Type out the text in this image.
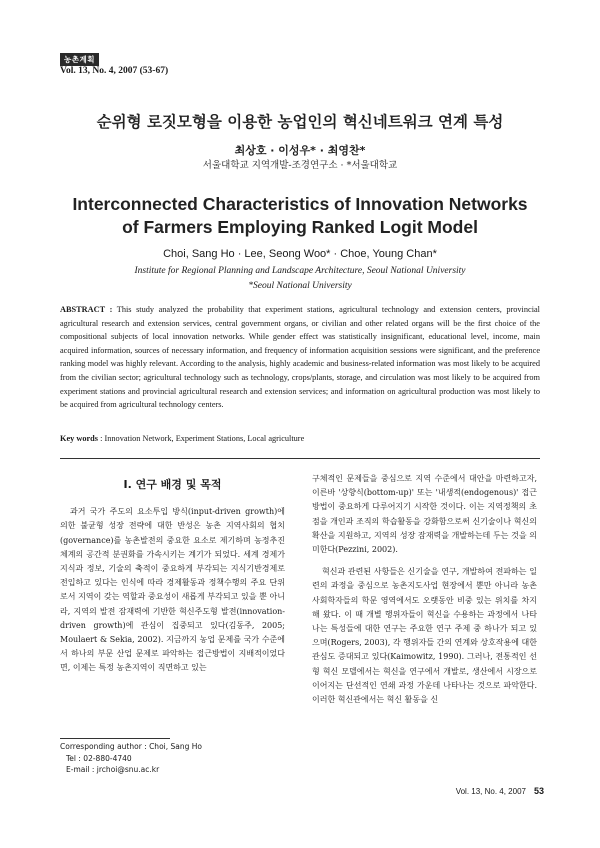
농촌계획
Vol. 13, No. 4, 2007 (53-67)
순위형 로짓모형을 이용한 농업인의 혁신네트워크 연계 특성
최상호 · 이성우* · 최영찬*
서울대학교 지역개발-조경연구소 · *서울대학교
Interconnected Characteristics of Innovation Networks
of Farmers Employing Ranked Logit Model
Choi, Sang Ho · Lee, Seong Woo* · Choe, Young Chan*
Institute for Regional Planning and Landscape Architecture, Seoul National University
*Seoul National University
ABSTRACT : This study analyzed the probability that experiment stations, agricultural technology and extension centers, provincial agricultural research and extension services, central government organs, or civilian and other related organs will be the first choice of the compositional subjects of local innovation networks. While gender effect was statistically insignificant, educational level, income, main acquired information, sources of necessary information, and frequency of information acquisition sessions were significant, and the preference ranking model was highly relevant. According to the analysis, highly academic and business-related information was most likely to be acquired from the civilian sector; agricultural technology such as technology, crops/plants, storage, and circulation was most likely to be acquired from experiment stations and provincial agricultural research and extension services; and information on agricultural production was most likely to be acquired from agricultural technology centers.
Key words : Innovation Network, Experiment Stations, Local agriculture
I. 연구 배경 및 목적

과거 국가 주도의 요소투입 방식(input-driven growth)에 의한 불균형 성장 전략에 대한 반성은 농촌 지역사회의 협치(governance)를 농촌발전의 중요한 요소로 제기하며 농정추진체계의 공간적 분권화를 가속시키는 계기가 되었다. 세계 경제가 지식과 정보, 기술의 축적이 중요하게 부각되는 지식기반경제로 전입하고 있다는 인식에 따라 경제활동과 정책수행의 주요 단위로서 지역이 갖는 역할과 중요성이 새롭게 부각되고 있을 뿐 아니라, 지역의 발전 잠재력에 기반한 혁신주도형 발전(innovation-driven growth)에 관심이 집중되고 있다(김동주, 2005; Moulaert & Sekia, 2002). 지금까지 농업 문제를 국가 수준에서 하나의 부문 산업 문제로 파악하는 접근방법이 지배적이었다면, 이제는 특정 농촌지역이 직면하고 있는

구체적인 문제들을 중심으로 지역 수준에서 대안을 마련하고자, 이른바 '상향식(bottom-up)' 또는 '내생적(endogenous)' 접근방법이 중요하게 다루어지기 시작한 것이다. 이는 지역정책의 초점을 개인과 조직의 학습활동을 강화함으로써 신기술이나 혁신의 확산을 지원하고, 지역의 성장 잠재력을 개발하는데 두는 것을 의미한다(Pezzini, 2002).

혁신과 관련된 사항들은 신기술을 연구, 개발하여 전파하는 일련의 과정을 중심으로 농촌지도사업 현장에서 뿐만 아니라 농촌사회학자들의 학문 영역에서도 오랫동안 비중 있는 위치를 차지해 왔다. 이 때 개별 행위자들이 혁신을 수용하는 과정에서 나타나는 특성들에 대한 연구는 주요한 연구 주제 중 하나가 되고 있으며(Rogers, 2003), 각 행위자들 간의 연계와 상호작용에 대한 관심도 증대되고 있다(Kaimowitz, 1990). 그러나, 전통적인 선형 혁신 모델에서는 혁신을 연구에서 개발로, 생산에서 시장으로 이어지는 단선적인 연쇄 과정 가운데 나타나는 것으로 파악한다. 이러한 혁신관에서는 혁신 활동을 신

Corresponding author : Choi, Sang Ho
Tel : 02-880-4740
E-mail : jrchoi@snu.ac.kr
Vol. 13, No. 4, 2007 53
